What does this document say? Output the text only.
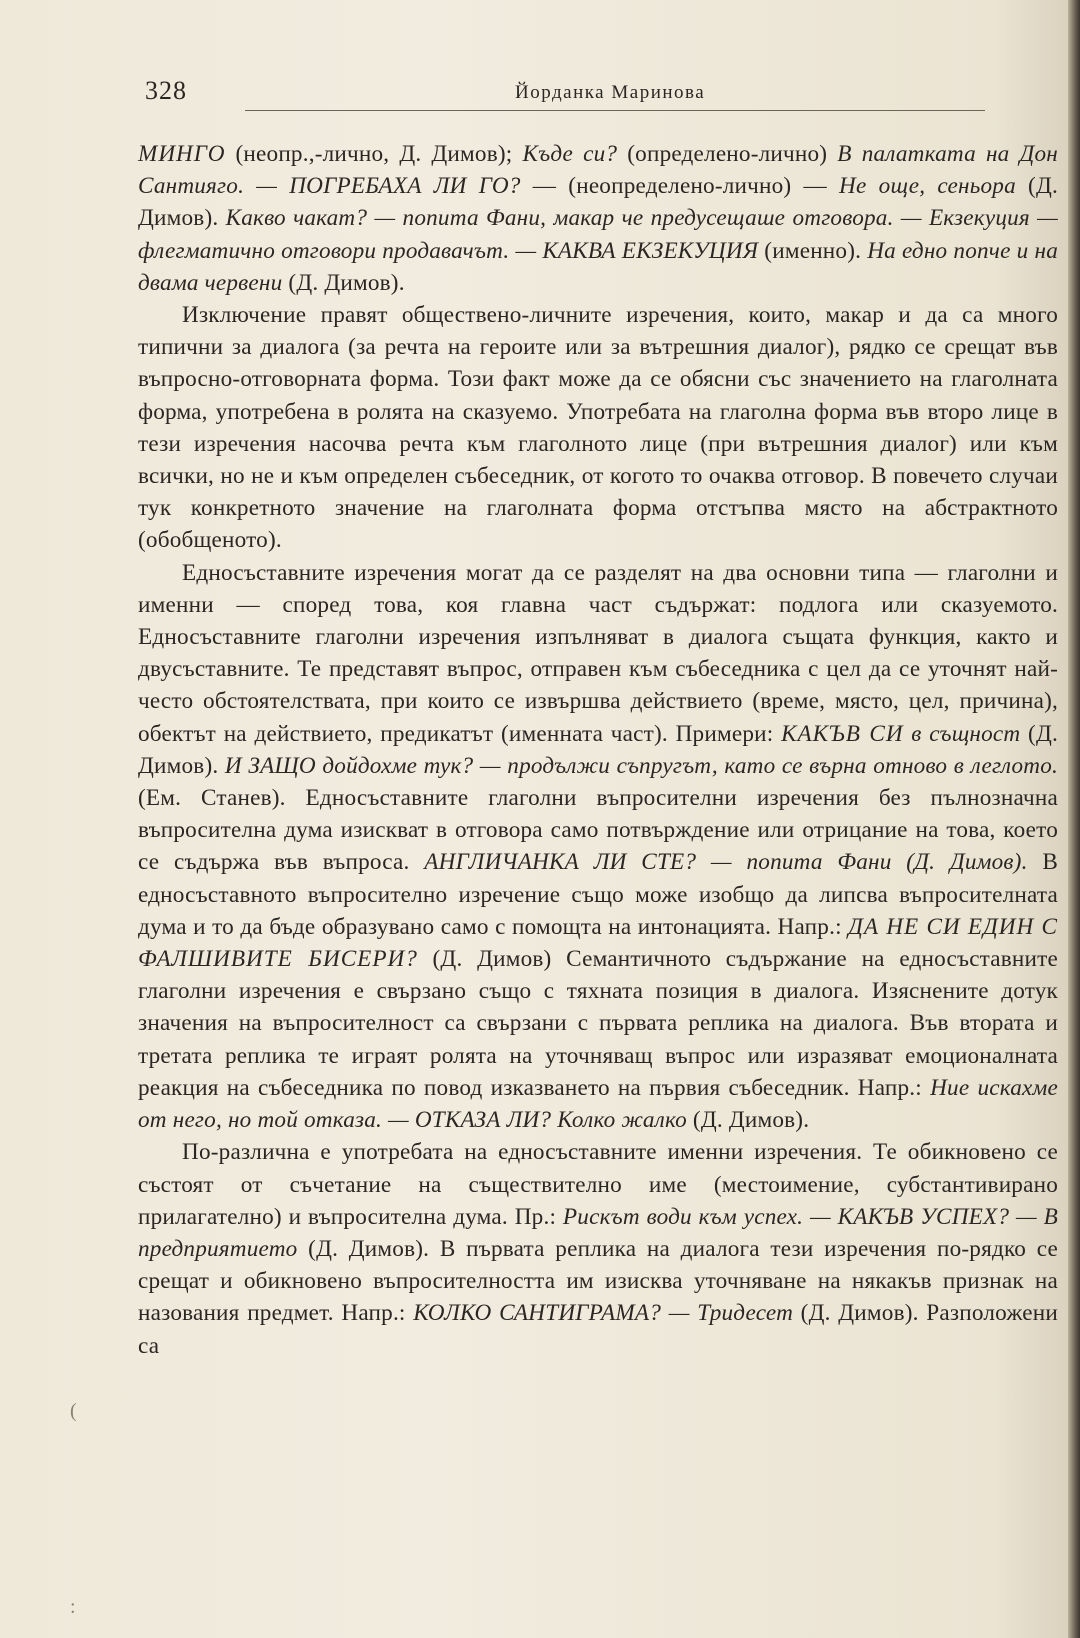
328	Йорданка Маринова

МИНГО (неопр.,-лично, Д. Димов); Къде си? (определено-лично) В палатката на Дон Сантияго. — ПОГРЕБАХА ЛИ ГО? — (неопределено-лично) — Не още, сеньора (Д. Димов). Какво чакат? — попита Фани, макар че предусещаше отговора. — Екзекуция — флегматично отговори продавачът. — КАКВА ЕКЗЕКУЦИЯ (именно). На едно попче и на двама червени (Д. Димов).

Изключение правят обществено-личните изречения, които, макар и да са много типични за диалога (за речта на героите или за вътрешния диалог), рядко се срещат във въпросно-отговорната форма. Този факт може да се обясни със значението на глаголната форма, употребена в ролята на сказуемо. Употребата на глаголна форма във второ лице в тези изречения насочва речта към глаголното лице (при вътрешния диалог) или към всички, но не и към определен събеседник, от когото то очаква отговор. В повечето случаи тук конкретното значение на глаголната форма отстъпва място на абстрактното (обобщеното).

Едносъставните изречения могат да се разделят на два основни типа — глаголни и именни — според това, коя главна част съдържат: подлога или сказуемото. Едносъставните глаголни изречения изпълняват в диалога същата функция, както и двусъставните. Те представят въпрос, отправен към събеседника с цел да се уточнят най-често обстоятелствата, при които се извършва действието (време, място, цел, причина), обектът на действието, предикатът (именната част). Примери: КАКЪВ СИ в същност (Д. Димов). И ЗАЩО дойдохме тук? — продължи съпругът, като се върна отново в леглото. (Ем. Станев). Едносъставните глаголни въпросителни изречения без пълнозначна въпросителна дума изискват в отговора само потвърждение или отрицание на това, което се съдържа във въпроса. АНГЛИЧАНКА ЛИ СТЕ? — попита Фани (Д. Димов). В едносъставното въпросително изречение също може изобщо да липсва въпросителната дума и то да бъде образувано само с помощта на интонацията. Напр.: ДА НЕ СИ ЕДИН С ФАЛШИВИТЕ БИСЕРИ? (Д. Димов) Семантичното съдържание на едносъставните глаголни изречения е свързано също с тяхната позиция в диалога. Изяснените дотук значения на въпросителност са свързани с първата реплика на диалога. Във втората и третата реплика те играят ролята на уточняващ въпрос или изразяват емоционалната реакция на събеседника по повод изказването на първия събеседник. Напр.: Ние искахме от него, но той отказа. — ОТКАЗА ЛИ? Колко жалко (Д. Димов).

По-различна е употребата на едносъставните именни изречения. Те обикновено се състоят от съчетание на съществително име (местоимение, субстантивирано прилагателно) и въпросителна дума. Пр.: Рискът води към успех. — КАКЪВ УСПЕХ? — В предприятието (Д. Димов). В първата реплика на диалога тези изречения по-рядко се срещат и обикновено въпросителността им изисква уточняване на някакъв признак на назования предмет. Напр.: КОЛКО САНТИГРАМА? — Тридесет (Д. Димов). Разположени са

(
:
